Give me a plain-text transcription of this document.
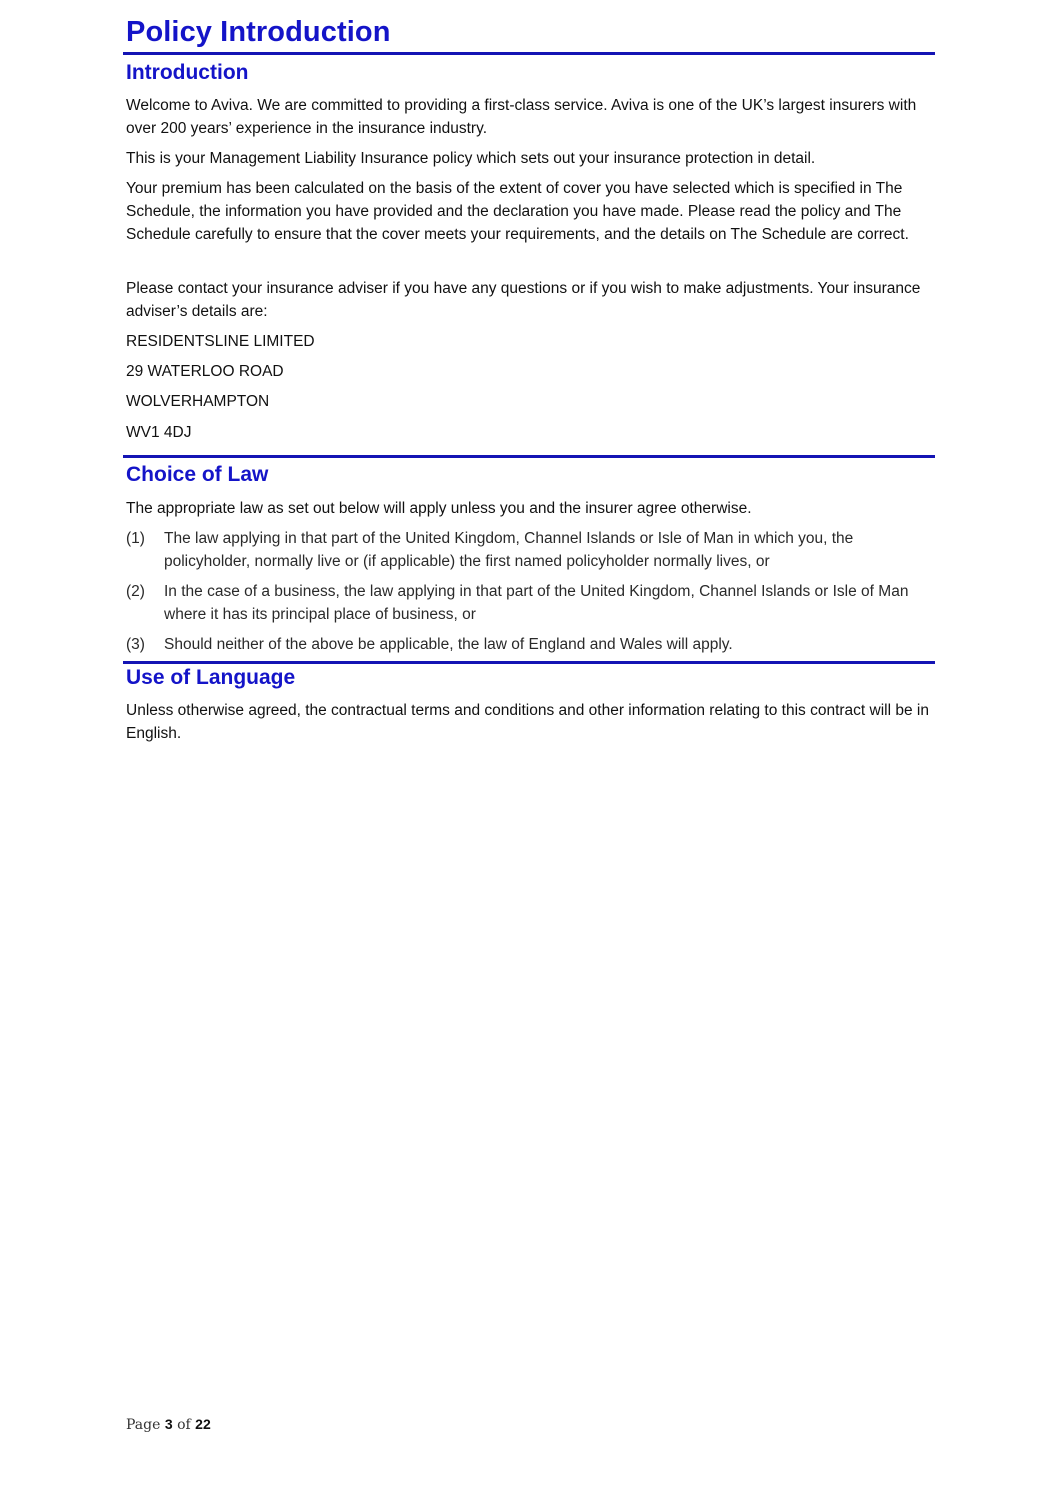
Policy Introduction
Introduction

Welcome to Aviva. We are committed to providing a first-class service. Aviva is one of the UK’s largest insurers with over 200 years’ experience in the insurance industry.

This is your Management Liability Insurance policy which sets out your insurance protection in detail.

Your premium has been calculated on the basis of the extent of cover you have selected which is specified in The Schedule, the information you have provided and the declaration you have made. Please read the policy and The Schedule carefully to ensure that the cover meets your requirements, and the details on The Schedule are correct.

Please contact your insurance adviser if you have any questions or if you wish to make adjustments. Your insurance adviser’s details are:

RESIDENTSLINE LIMITED

29 WATERLOO ROAD

WOLVERHAMPTON

WV1 4DJ

Choice of Law

The appropriate law as set out below will apply unless you and the insurer agree otherwise.

(1) The law applying in that part of the United Kingdom, Channel Islands or Isle of Man in which you, the policyholder, normally live or (if applicable) the first named policyholder normally lives, or
(2) In the case of a business, the law applying in that part of the United Kingdom, Channel Islands or Isle of Man where it has its principal place of business, or
(3) Should neither of the above be applicable, the law of England and Wales will apply.
Use of Language

Unless otherwise agreed, the contractual terms and conditions and other information relating to this contract will be in English.

Page 3 of 22
